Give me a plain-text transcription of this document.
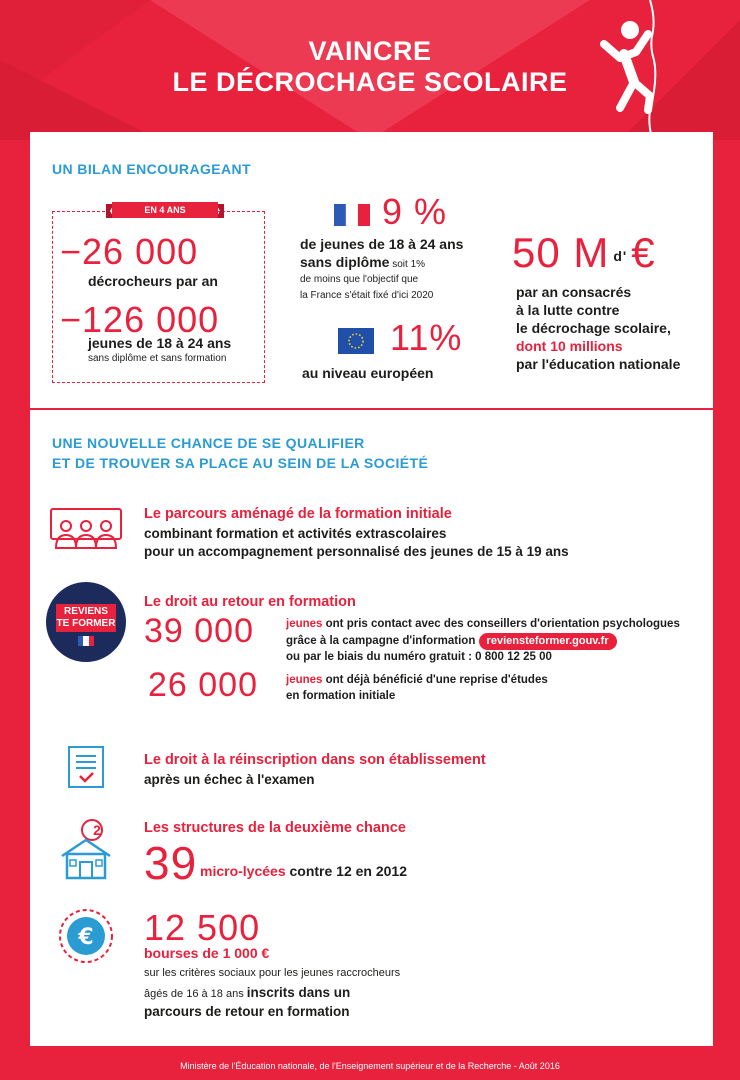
VAINCRE
LE DÉCROCHAGE SCOLAIRE
UN BILAN ENCOURAGEANT
EN 4 ANS
−26 000
décrocheurs par an
−126 000
jeunes de 18 à 24 ans
sans diplôme et sans formation
9 %
de jeunes de 18 à 24 ans
sans diplôme soit 1%
de moins que l'objectif que
la France s'était fixé d'ici 2020
11%
au niveau européen
50 M d'€
par an consacrés
à la lutte contre
le décrochage scolaire,
dont 10 millions
par l'éducation nationale
UNE NOUVELLE CHANCE DE SE QUALIFIER
ET DE TROUVER SA PLACE AU SEIN DE LA SOCIÉTÉ
Le parcours aménagé de la formation initiale
combinant formation et activités extrascolaires
pour un accompagnement personnalisé des jeunes de 15 à 19 ans
REVIENS
TE FORMER
Le droit au retour en formation
39 000	jeunes ont pris contact avec des conseillers d'orientation psychologues
grâce à la campagne d'information reviensteformer.gouv.fr
ou par le biais du numéro gratuit : 0 800 12 25 00
26 000 jeunes ont déjà bénéficié d'une reprise d'études
en formation initiale
Le droit à la réinscription dans son établissement
après un échec à l'examen
2	Les structures de la deuxième chance
39 micro-lycées contre 12 en 2012
€ 12 500
bourses de 1 000 €
sur les critères sociaux pour les jeunes raccrocheurs
âgés de 16 à 18 ans inscrits dans un
parcours de retour en formation
Ministère de l'Éducation nationale, de l'Enseignement supérieur et de la Recherche - Août 2016
